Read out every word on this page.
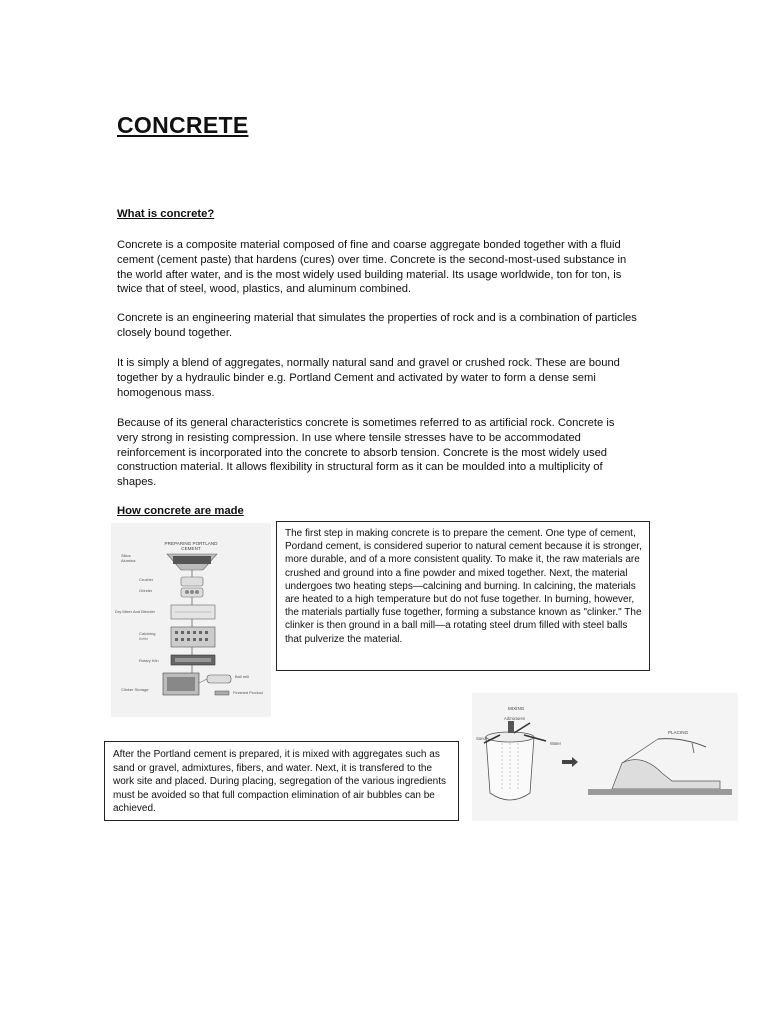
CONCRETE
What is concrete?

Concrete is a composite material composed of fine and coarse aggregate bonded together with a fluid cement (cement paste) that hardens (cures) over time. Concrete is the second-most-used substance in the world after water, and is the most widely used building material. Its usage worldwide, ton for ton, is twice that of steel, wood, plastics, and aluminum combined.

Concrete is an engineering material that simulates the properties of rock and is a combination of particles closely bound together.

It is simply a blend of aggregates, normally natural sand and gravel or crushed rock. These are bound together by a hydraulic binder e.g. Portland Cement and activated by water to form a dense semi homogenous mass.

Because of its general characteristics concrete is sometimes referred to as artificial rock. Concrete is very strong in resisting compression. In use where tensile stresses have to be accommodated reinforcement is incorporated into the concrete to absorb tension. Concrete is the most widely used construction material. It allows flexibility in structural form as it can be moulded into a multiplicity of shapes.

How concrete are made
PREPARING PORTLAND
CEMENT
Silica
Alumina
Crusher
Grinder
Dry Mixer And Blender
Calcining
Kettle
Rotary Kiln
Ball mill
Clinker Storage
Finished Product
The first step in making concrete is to prepare the cement. One type of cement, Pordand cement, is considered superior to natural cement because it is stronger, more durable, and of a more consistent quality. To make it, the raw materials are crushed and ground into a fine powder and mixed together. Next, the material undergoes two heating steps—calcining and burning. In calcining, the materials are heated to a high temperature but do not fuse together. In burning, however, the materials partially fuse together, forming a substance known as "clinker." The clinker is then ground in a ball mill—a rotating steel drum filled with steel balls that pulverize the material.
MIXING
Admixtures
Sand
Water
PLACING
After the Portland cement is prepared, it is mixed with aggregates such as sand or gravel, admixtures, fibers, and water. Next, it is transfered to the work site and placed. During placing, segregation of the various ingredients must be avoided so that full compaction elimination of air bubbles can be achieved.
